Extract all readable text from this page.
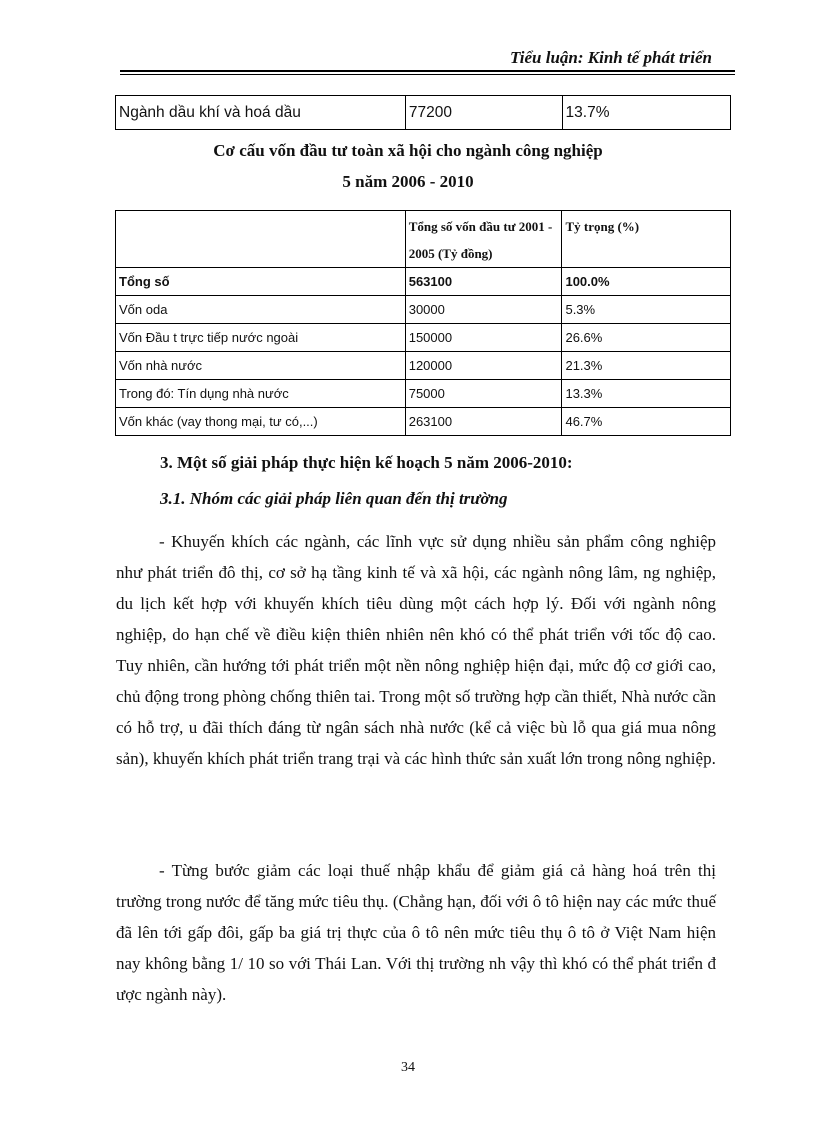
Tiểu luận: Kinh tế phát triển
Ngành dầu khí và hoá dầu	77200	13.7%
Cơ cấu vốn đầu tư toàn xã hội cho ngành công nghiệp
5 năm 2006 - 2010
	Tổng số vốn đầu tư 2001 - 2005 (Tỷ đồng)	Tỷ trọng (%)
Tổng số	563100	100.0%
Vốn oda	30000	5.3%
Vốn Đầu t trực tiếp nước ngoài	150000	26.6%
Vốn nhà nước	120000	21.3%
Trong đó: Tín dụng nhà nước	75000	13.3%
Vốn khác (vay thong mại, tư có,...)	263100	46.7%
3. Một số giải pháp thực hiện kế hoạch 5 năm 2006-2010:
3.1. Nhóm các giải pháp liên quan đến thị trường

- Khuyến khích các ngành, các lĩnh vực sử dụng nhiều sản phẩm công nghiệp như phát triển đô thị, cơ sở hạ tầng kinh tế và xã hội, các ngành nông lâm, ng nghiệp, du lịch kết hợp với khuyến khích tiêu dùng một cách hợp lý. Đối với ngành nông nghiệp, do hạn chế về điều kiện thiên nhiên nên khó có thể phát triển với tốc độ cao. Tuy nhiên, cần hướng tới phát triển một nền nông nghiệp hiện đại, mức độ cơ giới cao, chủ động trong phòng chống thiên tai. Trong một số trường hợp cần thiết, Nhà nước cần có hỗ trợ, u đãi thích đáng từ ngân sách nhà nước (kể cả việc bù lỗ qua giá mua nông sản), khuyến khích phát triển trang trại và các hình thức sản xuất lớn trong nông nghiệp.

- Từng bước giảm các loại thuế nhập khẩu để giảm giá cả hàng hoá trên thị trường trong nước để tăng mức tiêu thụ. (Chẳng hạn, đối với ô tô hiện nay các mức thuế đã lên tới gấp đôi, gấp ba giá trị thực của ô tô nên mức tiêu thụ ô tô ở Việt Nam hiện nay không bằng 1/ 10 so với Thái Lan. Với thị trường nh vậy thì khó có thể phát triển đ ược ngành này).

34
